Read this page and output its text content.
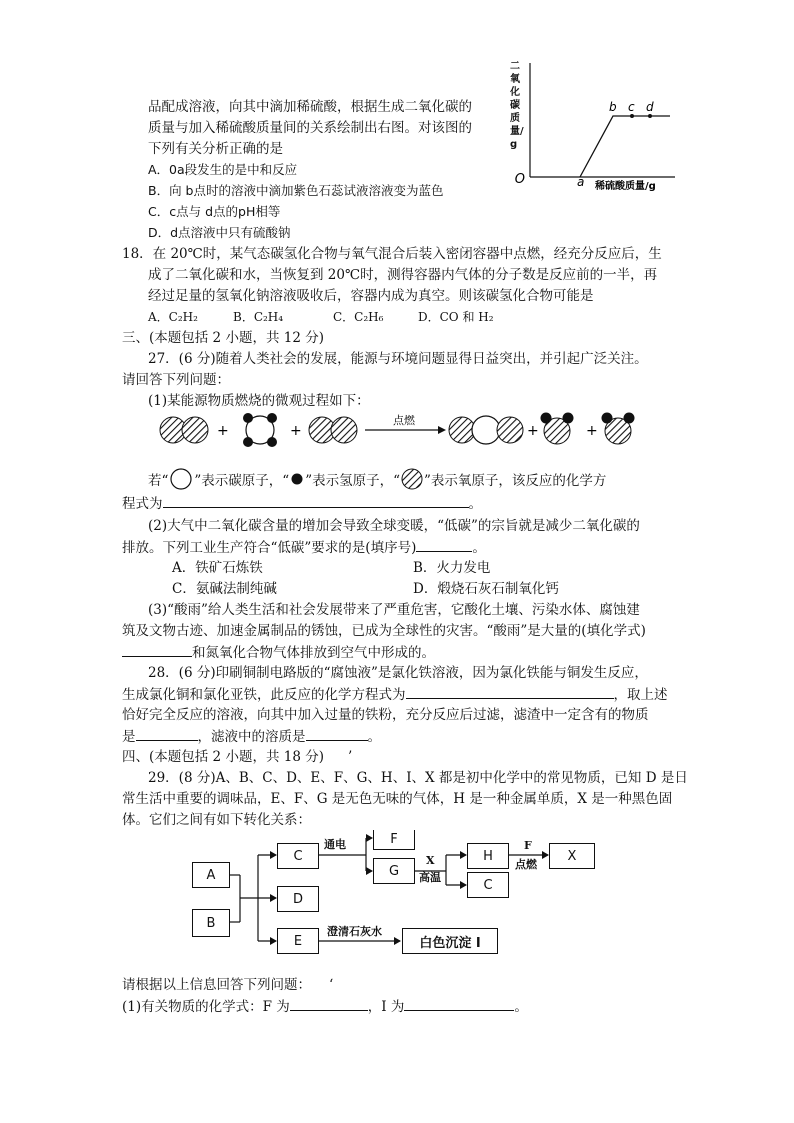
品配成溶液，向其中滴加稀硫酸，根据生成二氧化碳的
质量与加入稀硫酸质量间的关系绘制出右图。对该图的
下列有关分析正确的是
A．0a段发生的是中和反应
B．向 b点时的溶液中滴加紫色石蕊试液溶液变为蓝色
C．c点与 d点的pH相等
D．d点溶液中只有硫酸钠
O	a
b c d
稀硫酸质量/g
二氧化碳质量/g
18．在 20℃时，某气态碳氢化合物与氧气混合后装入密闭容器中点燃，经充分反应后，生
成了二氧化碳和水，当恢复到 20℃时，测得容器内气体的分子数是反应前的一半，再
经过足量的氢氧化钠溶液吸收后，容器内成为真空。则该碳氢化合物可能是
A．C₂H₂	B．C₂H₄	C．C₂H₆	D．CO 和 H₂
三、(本题包括 2 小题，共 12 分)
27．(6 分)随着人类社会的发展，能源与环境问题显得日益突出，并引起广泛关注。
请回答下列问题：
(1)某能源物质燃烧的微观过程如下：
+	+
点燃
+	+
若“ ”表示碳原子，“ ”表示氢原子，“ ”表示氧原子，该反应的化学方
程式为	。
(2)大气中二氧化碳含量的增加会导致全球变暖，“低碳”的宗旨就是减少二氧化碳的
排放。下列工业生产符合“低碳”要求的是(填序号)	。
A．铁矿石炼铁	B．火力发电
C．氨碱法制纯碱	D．煅烧石灰石制氧化钙
(3)“酸雨”给人类生活和社会发展带来了严重危害，它酸化土壤、污染水体、腐蚀建
筑及文物古迹、加速金属制品的锈蚀，已成为全球性的灾害。“酸雨”是大量的(填化学式)
和氮氧化合物气体排放到空气中形成的。
28．(6 分)印刷铜制电路版的“腐蚀液”是氯化铁溶液，因为氯化铁能与铜发生反应，
生成氯化铜和氯化亚铁，此反应的化学方程式为	，取上述
恰好完全反应的溶液，向其中加入过量的铁粉，充分反应后过滤，滤渣中一定含有的物质
是	，滤液中的溶质是	。
四、(本题包括 2 小题，共 18 分) ’
29．(8 分)A、B、C、D、E、F、G、H、I、X 都是初中化学中的常见物质，已知 D 是日
常生活中重要的调味品，E、F、G 是无色无味的气体，H 是一种金属单质，X 是一种黑色固
体。它们之间有如下转化关系：
A
B
C
D
E
F
G
H
C
X
白色沉淀 I
通电
X
高温
F
点燃
澄清石灰水
请根据以上信息回答下列问题： ‘
(1)有关物质的化学式：F 为	，I 为	。
